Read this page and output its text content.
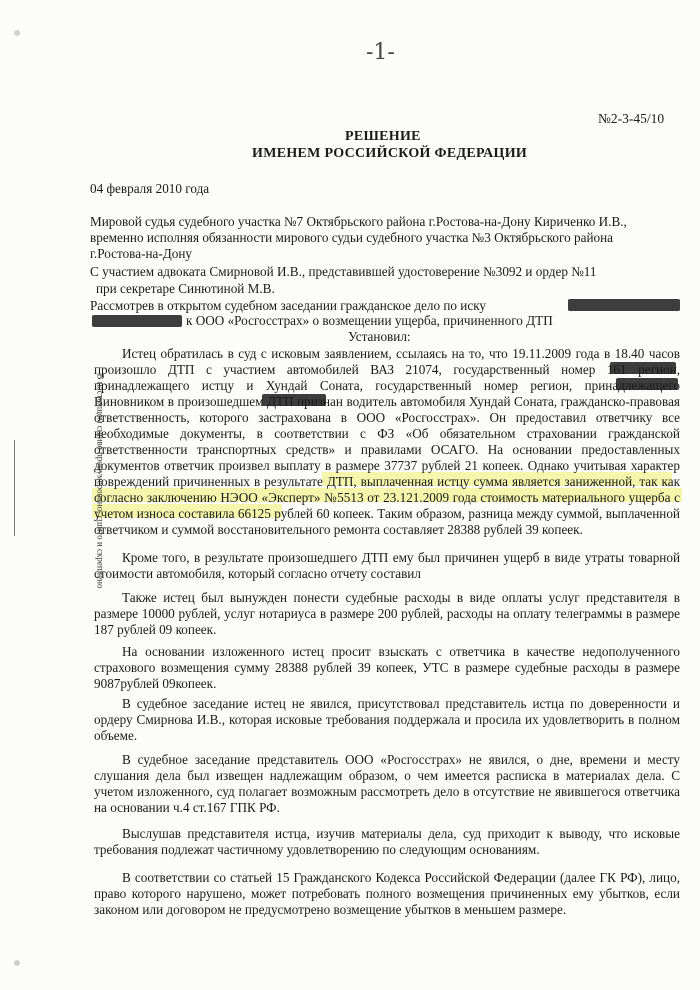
-1-
№2-3-45/10
РЕШЕНИЕ
ИМЕНЕМ РОССИЙСКОЙ ФЕДЕРАЦИИ
04 февраля 2010 года
Мировой судья судебного участка №7 Октябрьского района г.Ростова-на-Дону Кириченко И.В.,
временно исполняя обязанности мирового судьи судебного участка №3 Октябрьского района
г.Ростова-на-Дону
С участием адвоката Смирновой И.В., представившей удостоверение №3092 и ордер №11
при секретаре Синютиной М.В.
Рассмотрев в открытом судебном заседании гражданское дело по иску
к ООО «Росгосстрах» о возмещении ущерба, причиненного ДТП
Установил:
Истец обратилась в суд с исковым заявлением, ссылаясь на то, что 19.11.2009 года в 18.40 часов произошло ДТП с участием автомобилей ВАЗ 21074, государственный номер 161 регион, принадлежащего истцу и Хундай Соната, государственный номер регион, принадлежащего Виновником в произошедшем ДТП признан водитель автомобиля Хундай Соната, гражданско-правовая ответственность, которого застрахована в ООО «Росгосстрах». Он предоставил ответчику все необходимые документы, в соответствии с ФЗ «Об обязательном страховании гражданской ответственности транспортных средств» и правилами ОСАГО. На основании предоставленных документов ответчик произвел выплату в размере 37737 рублей 21 копеек. Однако учитывая характер повреждений причиненных в результате ДТП, выплаченная истцу сумма является заниженной, так как согласно заключению НЭОО «Эксперт» №5513 от 23.121.2009 года стоимость материального ущерба с учетом износа составила 66125 рублей 60 копеек. Таким образом, разница между суммой, выплаченной ответчиком и суммой восстановительного ремонта составляет 28388 рублей 39 копеек.
Кроме того, в результате произошедшего ДТП ему был причинен ущерб в виде утраты товарной стоимости автомобиля, который согласно отчету составил
Также истец был вынужден понести судебные расходы в виде оплаты услуг представителя в размере 10000 рублей, услуг нотариуса в размере 200 рублей, расходы на оплату телеграммы в размере 187 рублей 09 копеек.
На основании изложенного истец просит взыскать с ответчика в качестве недополученного страхового возмещения сумму 28388 рублей 39 копеек, УТС в размере судебные расходы в размере 9087рублей 09копеек.
В судебное заседание истец не явился, присутствовал представитель истца по доверенности и ордеру Смирнова И.В., которая исковые требования поддержала и просила их удовлетворить в полном объеме.
В судебное заседание представитель ООО «Росгосстрах» не явился, о дне, времени и месту слушания дела был извещен надлежащим образом, о чем имеется расписка в материалах дела. С учетом изложенного, суд полагает возможным рассмотреть дело в отсутствие не явившегося ответчика на основании ч.4 ст.167 ГПК РФ.
Выслушав представителя истца, изучив материалы дела, суд приходит к выводу, что исковые требования подлежат частичному удовлетворению по следующим основаниям.
В соответствии со статьей 15 Гражданского Кодекса Российской Федерации (далее ГК РФ), лицо, право которого нарушено, может потребовать полного возмещения причиненных ему убытков, если законом или договором не предусмотрено возмещение убытков в меньшем размере.
В настоящем сшиве пронумеровано, сшито и скреплено
